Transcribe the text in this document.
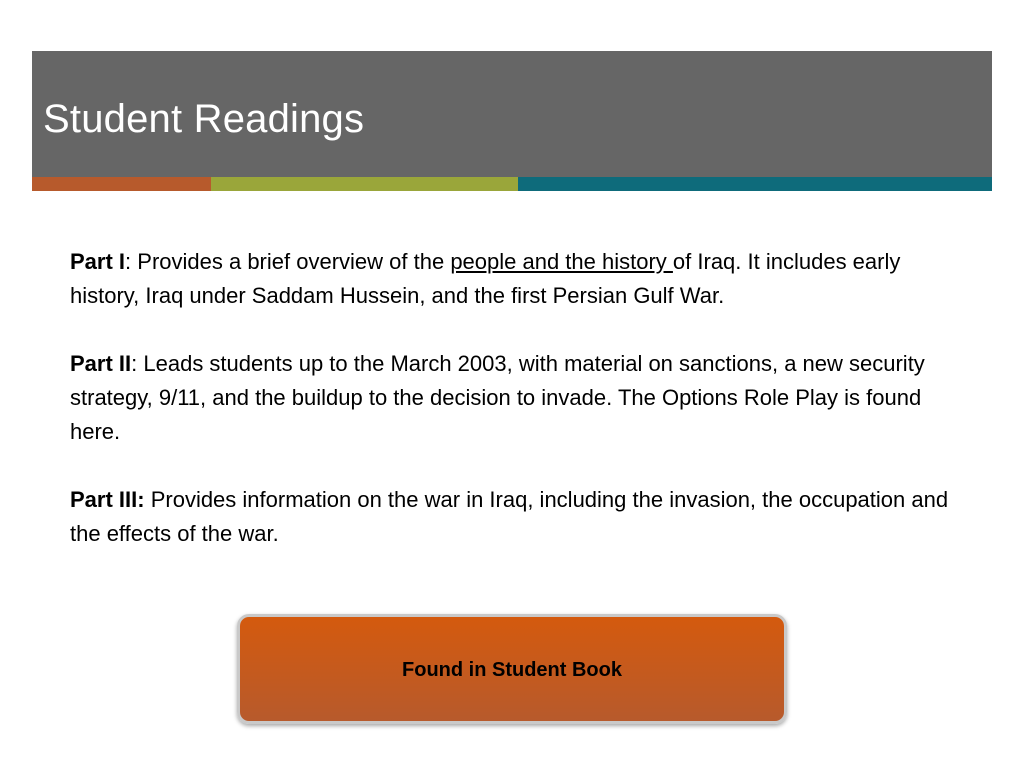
Student Readings

Part I: Provides a brief overview of the people and the history of Iraq. It includes early history, Iraq under Saddam Hussein, and the first Persian Gulf War.

Part II: Leads students up to the March 2003, with material on sanctions, a new security strategy, 9/11, and the buildup to the decision to invade. The Options Role Play is found here.

Part III: Provides information on the war in Iraq, including the invasion, the occupation and the effects of the war.

Found in Student Book
